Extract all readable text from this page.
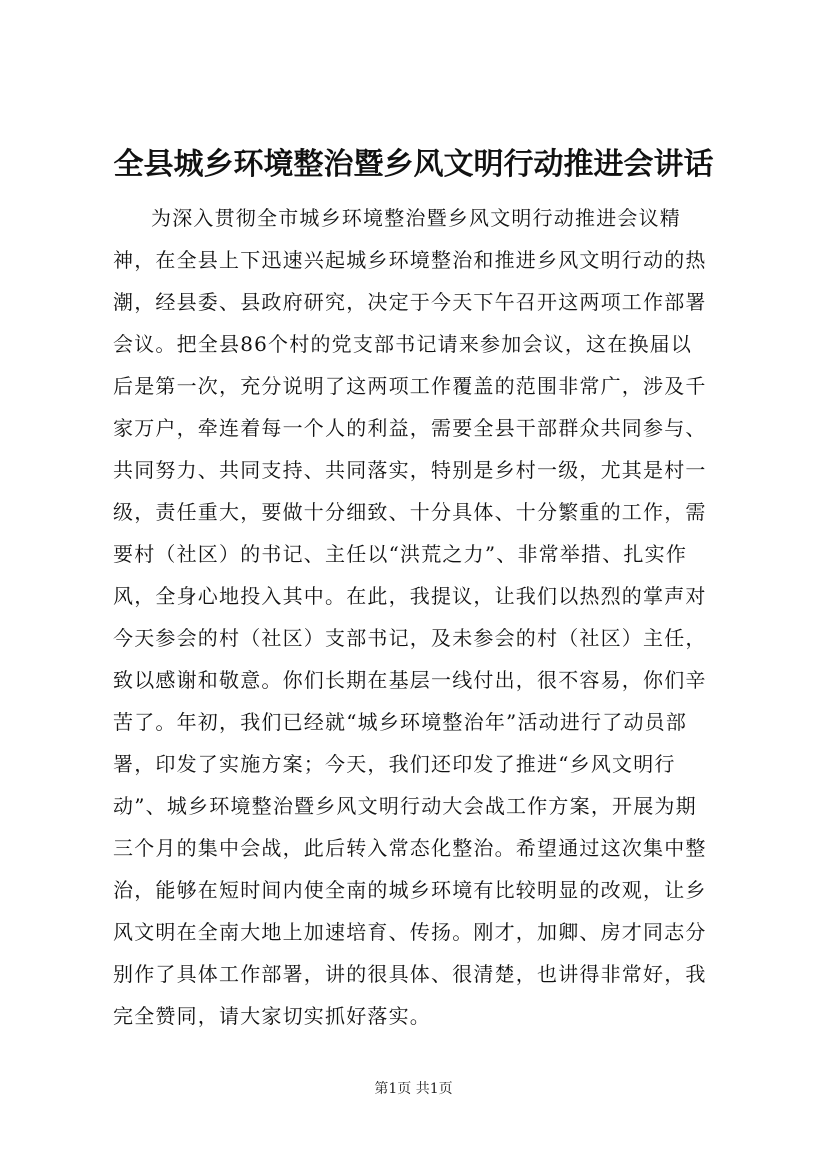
全县城乡环境整治暨乡风文明行动推进会讲话
为深入贯彻全市城乡环境整治暨乡风文明行动推进会议精
神，在全县上下迅速兴起城乡环境整治和推进乡风文明行动的热
潮，经县委、县政府研究，决定于今天下午召开这两项工作部署
会议。把全县86个村的党支部书记请来参加会议，这在换届以
后是第一次，充分说明了这两项工作覆盖的范围非常广，涉及千
家万户，牵连着每一个人的利益，需要全县干部群众共同参与、
共同努力、共同支持、共同落实，特别是乡村一级，尤其是村一
级，责任重大，要做十分细致、十分具体、十分繁重的工作，需
要村（社区）的书记、主任以“洪荒之力”、非常举措、扎实作
风，全身心地投入其中。在此，我提议，让我们以热烈的掌声对
今天参会的村（社区）支部书记，及未参会的村（社区）主任，
致以感谢和敬意。你们长期在基层一线付出，很不容易，你们辛
苦了。年初，我们已经就“城乡环境整治年”活动进行了动员部
署，印发了实施方案；今天，我们还印发了推进“乡风文明行
动”、城乡环境整治暨乡风文明行动大会战工作方案，开展为期
三个月的集中会战，此后转入常态化整治。希望通过这次集中整
治，能够在短时间内使全南的城乡环境有比较明显的改观，让乡
风文明在全南大地上加速培育、传扬。刚才，加卿、房才同志分
别作了具体工作部署，讲的很具体、很清楚，也讲得非常好，我
完全赞同，请大家切实抓好落实。
第1页 共1页
